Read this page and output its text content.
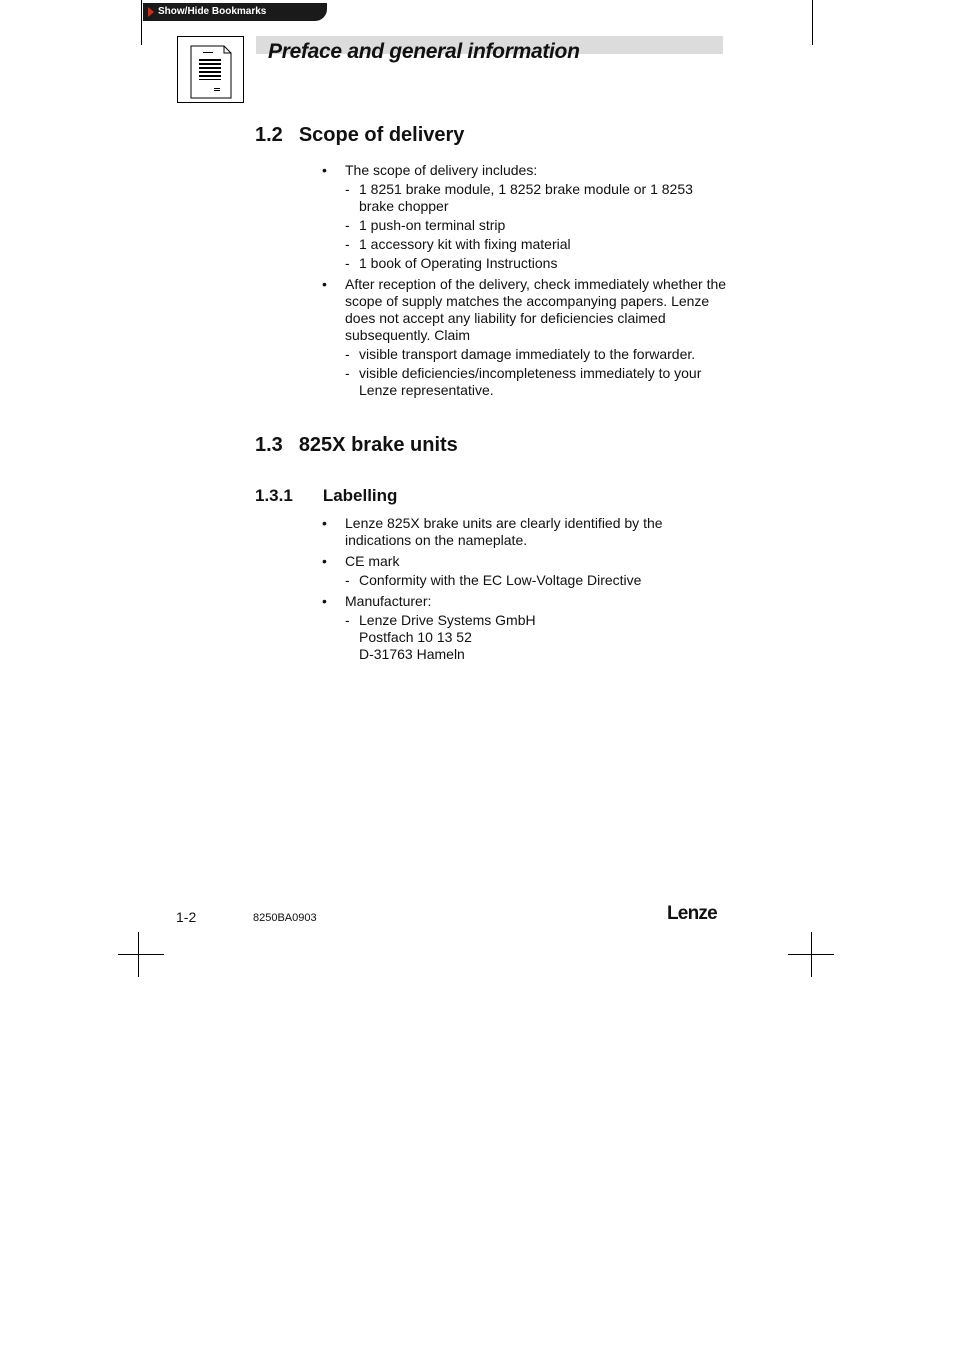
Show/Hide Bookmarks
Preface and general information
1.2 Scope of delivery
• The scope of delivery includes:
- 1 8251 brake module, 1 8252 brake module or 1 8253 brake chopper
- 1 push-on terminal strip
- 1 accessory kit with fixing material
- 1 book of Operating Instructions
• After reception of the delivery, check immediately whether the scope of supply matches the accompanying papers. Lenze does not accept any liability for deficiencies claimed subsequently. Claim
- visible transport damage immediately to the forwarder.
- visible deficiencies/incompleteness immediately to your Lenze representative.
1.3 825X brake units
1.3.1 Labelling
• Lenze 825X brake units are clearly identified by the indications on the nameplate.
• CE mark
- Conformity with the EC Low-Voltage Directive
• Manufacturer:
- Lenze Drive Systems GmbH
Postfach 10 13 52
D-31763 Hameln
1-2	8250BA0903	Lenze
